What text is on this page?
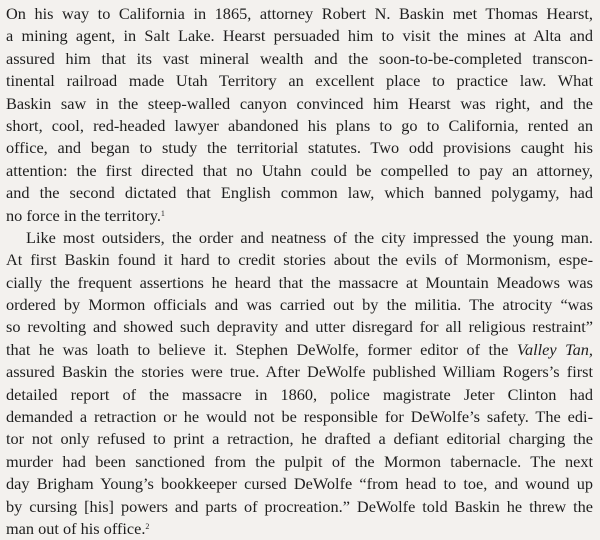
On his way to California in 1865, attorney Robert N. Baskin met Thomas Hearst,
a mining agent, in Salt Lake. Hearst persuaded him to visit the mines at Alta and
assured him that its vast mineral wealth and the soon-to-be-completed transcon-
tinental railroad made Utah Territory an excellent place to practice law. What
Baskin saw in the steep-walled canyon convinced him Hearst was right, and the
short, cool, red-headed lawyer abandoned his plans to go to California, rented an
office, and began to study the territorial statutes. Two odd provisions caught his
attention: the first directed that no Utahn could be compelled to pay an attorney,
and the second dictated that English common law, which banned polygamy, had
no force in the territory.$^1$
Like most outsiders, the order and neatness of the city impressed the young man.
At first Baskin found it hard to credit stories about the evils of Mormonism, espe-
cially the frequent assertions he heard that the massacre at Mountain Meadows was
ordered by Mormon officials and was carried out by the militia. The atrocity “was
so revolting and showed such depravity and utter disregard for all religious restraint”
that he was loath to believe it. Stephen DeWolfe, former editor of the Valley Tan,
assured Baskin the stories were true. After DeWolfe published William Rogers’s first
detailed report of the massacre in 1860, police magistrate Jeter Clinton had
demanded a retraction or he would not be responsible for DeWolfe’s safety. The edi-
tor not only refused to print a retraction, he drafted a defiant editorial charging the
murder had been sanctioned from the pulpit of the Mormon tabernacle. The next
day Brigham Young’s bookkeeper cursed DeWolfe “from head to toe, and wound up
by cursing [his] powers and parts of procreation.” DeWolfe told Baskin he threw the
man out of his office.$^2$
